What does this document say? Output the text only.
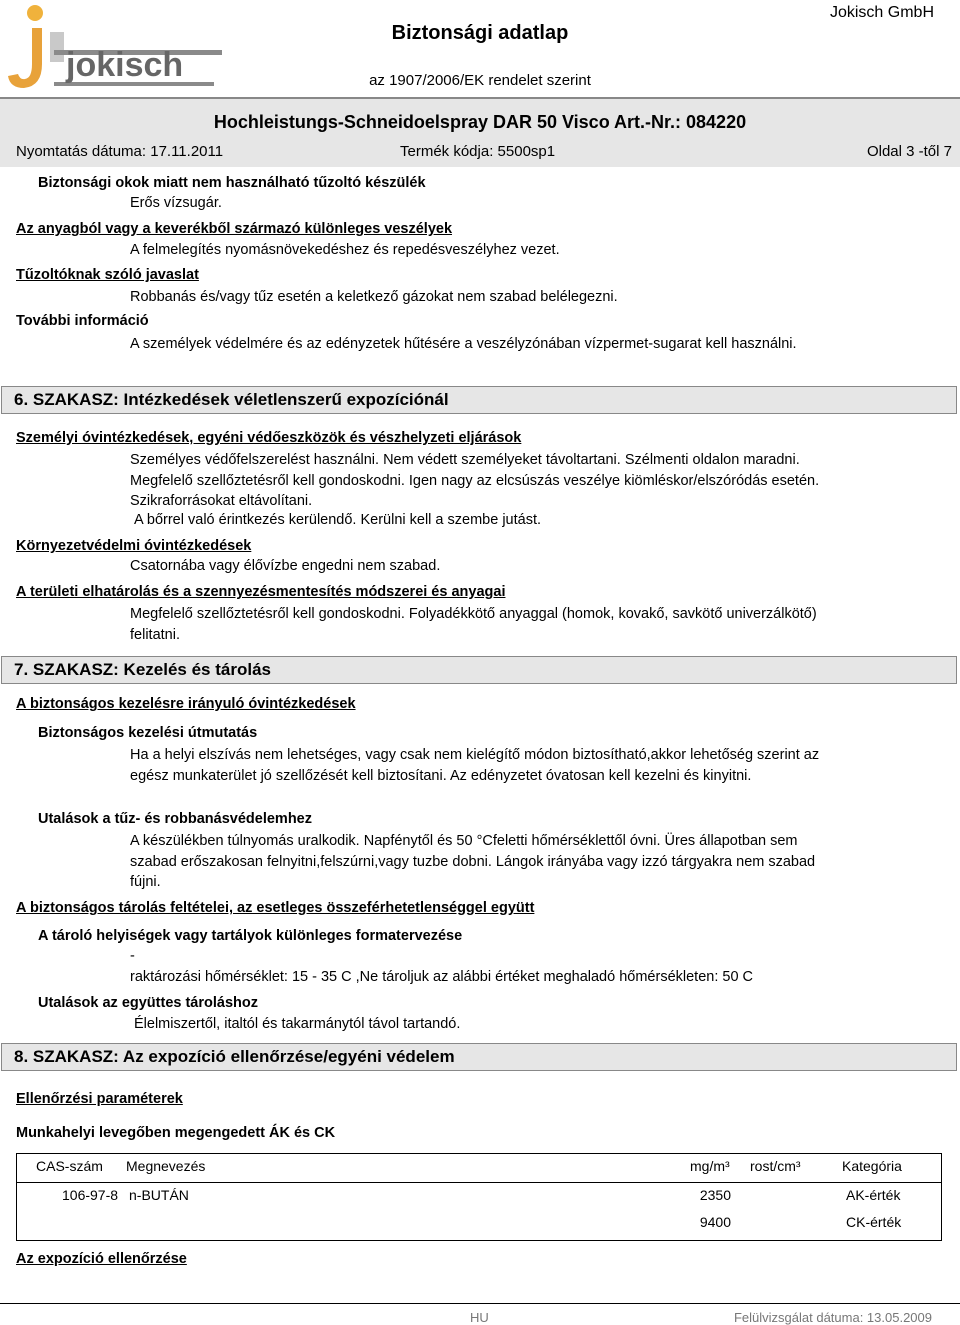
jokisch
Biztonsági adatlap
Jokisch GmbH
az 1907/2006/EK rendelet szerint
Hochleistungs-Schneidoelspray DAR 50 Visco Art.-Nr.: 084220
Nyomtatás dátuma: 17.11.2011	Termék kódja: 5500sp1	Oldal 3 -től 7
Biztonsági okok miatt nem használható tűzoltó készülék
Erős vízsugár.
Az anyagból vagy a keverékből származó különleges veszélyek
A felmelegítés nyomásnövekedéshez és repedésveszélyhez vezet.
Tűzoltóknak szóló javaslat
Robbanás és/vagy tűz esetén a keletkező gázokat nem szabad belélegezni.
További információ
A személyek védelmére és az edényzetek hűtésére a veszélyzónában vízpermet-sugarat kell használni.
6. SZAKASZ: Intézkedések véletlenszerű expozíciónál
Személyi óvintézkedések, egyéni védőeszközök és vészhelyzeti eljárások
Személyes védőfelszerelést használni. Nem védett személyeket távoltartani. Szélmenti oldalon maradni. Megfelelő szellőztetésről kell gondoskodni. Igen nagy az elcsúszás veszélye kiömléskor/elszóródás esetén. Szikraforrásokat eltávolítani.
A bőrrel való érintkezés kerülendő. Kerülni kell a szembe jutást.
Környezetvédelmi óvintézkedések
Csatornába vagy élővízbe engedni nem szabad.
A területi elhatárolás és a szennyezésmentesítés módszerei és anyagai
Megfelelő szellőztetésről kell gondoskodni. Folyadékkötő anyaggal (homok, kovakő, savkötő univerzálkötő) felitatni.
7. SZAKASZ: Kezelés és tárolás
A biztonságos kezelésre irányuló óvintézkedések
Biztonságos kezelési útmutatás
Ha a helyi elszívás nem lehetséges, vagy csak nem kielégítő módon biztosítható,akkor lehetőség szerint az egész munkaterület jó szellőzését kell biztosítani. Az edényzetet óvatosan kell kezelni és kinyitni.
Utalások a tűz- és robbanásvédelemhez
A készülékben túlnyomás uralkodik. Napfénytől és 50 °Cfeletti hőmérséklettől óvni. Üres állapotban sem szabad erőszakosan felnyitni,felszúrni,vagy tuzbe dobni. Lángok irányába vagy izzó tárgyakra nem szabad fújni.
A biztonságos tárolás feltételei, az esetleges összeférhetetlenséggel együtt
A tároló helyiségek vagy tartályok különleges formatervezése
-
raktározási hőmérséklet: 15 - 35 C ,Ne tároljuk az alábbi értéket meghaladó hőmérsékleten: 50 C
Utalások az együttes tároláshoz
Élelmiszertől, italtól és takarmánytól távol tartandó.
8. SZAKASZ: Az expozíció ellenőrzése/egyéni védelem
Ellenőrzési paraméterek
Munkahelyi levegőben megengedett ÁK és CK
CAS-szám Megnevezés	mg/m³ rost/cm³	Kategória
106-97-8 n-BUTÁN	2350	AK-érték
9400	CK-érték
Az expozíció ellenőrzése
HU	Felülvizsgálat dátuma: 13.05.2009
